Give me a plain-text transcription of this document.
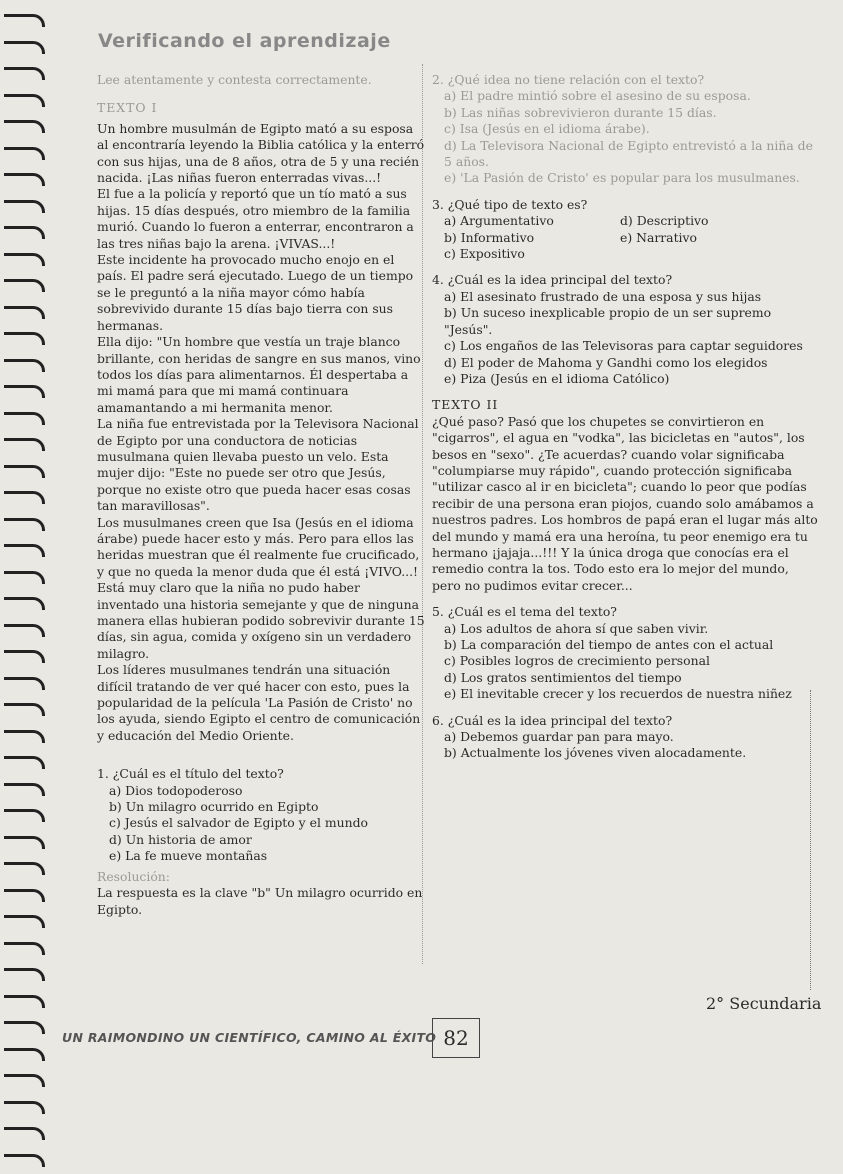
Verificando el aprendizaje

Lee atentamente y contesta correctamente.

TEXTO I

Un hombre musulmán de Egipto mató a su esposa al encontraría leyendo la Biblia católica y la enterró con sus hijas, una de 8 años, otra de 5 y una recién nacida. ¡Las niñas fueron enterradas vivas...!

El fue a la policía y reportó que un tío mató a sus hijas. 15 días después, otro miembro de la familia murió. Cuando lo fueron a enterrar, encontraron a las tres niñas bajo la arena. ¡VIVAS...!

Este incidente ha provocado mucho enojo en el país. El padre será ejecutado. Luego de un tiempo se le preguntó a la niña mayor cómo había sobrevivido durante 15 días bajo tierra con sus hermanas.

Ella dijo: "Un hombre que vestía un traje blanco brillante, con heridas de sangre en sus manos, vino todos los días para alimentarnos. Él despertaba a mi mamá para que mi mamá continuara amamantando a mi hermanita menor.

La niña fue entrevistada por la Televisora Nacional de Egipto por una conductora de noticias musulmana quien llevaba puesto un velo. Esta mujer dijo: "Este no puede ser otro que Jesús, porque no existe otro que pueda hacer esas cosas tan maravillosas".

Los musulmanes creen que Isa (Jesús en el idioma árabe) puede hacer esto y más. Pero para ellos las heridas muestran que él realmente fue crucificado, y que no queda la menor duda que él está ¡VIVO...! Está muy claro que la niña no pudo haber inventado una historia semejante y que de ninguna manera ellas hubieran podido sobrevivir durante 15 días, sin agua, comida y oxígeno sin un verdadero milagro.

Los líderes musulmanes tendrán una situación difícil tratando de ver qué hacer con esto, pues la popularidad de la película 'La Pasión de Cristo' no los ayuda, siendo Egipto el centro de comunicación y educación del Medio Oriente.

1. ¿Cuál es el título del texto?

a) Dios todopoderoso

b) Un milagro ocurrido en Egipto

c) Jesús el salvador de Egipto y el mundo

d) Un historia de amor

e) La fe mueve montañas

Resolución:

La respuesta es la clave "b" Un milagro ocurrido en Egipto.

2. ¿Qué idea no tiene relación con el texto?

a) El padre mintió sobre el asesino de su esposa.

b) Las niñas sobrevivieron durante 15 días.

c) Isa (Jesús en el idioma árabe).

d) La Televisora Nacional de Egipto entrevistó a la niña de 5 años.

e) 'La Pasión de Cristo' es popular para los musulmanes.

3. ¿Qué tipo de texto es?

a) Argumentativo	d) Descriptivo
b) Informativo	e) Narrativo
c) Expositivo

4. ¿Cuál es la idea principal del texto?

a) El asesinato frustrado de una esposa y sus hijas

b) Un suceso inexplicable propio de un ser supremo "Jesús".

c) Los engaños de las Televisoras para captar seguidores

d) El poder de Mahoma y Gandhi como los elegidos

e) Piza (Jesús en el idioma Católico)

TEXTO II

¿Qué paso? Pasó que los chupetes se convirtieron en "cigarros", el agua en "vodka", las bicicletas en "autos", los besos en "sexo". ¿Te acuerdas? cuando volar significaba "columpiarse muy rápido", cuando protección significaba "utilizar casco al ir en bicicleta"; cuando lo peor que podías recibir de una persona eran piojos, cuando solo amábamos a nuestros padres. Los hombros de papá eran el lugar más alto del mundo y mamá era una heroína, tu peor enemigo era tu hermano ¡jajaja...!!! Y la única droga que conocías era el remedio contra la tos. Todo esto era lo mejor del mundo, pero no pudimos evitar crecer...

5. ¿Cuál es el tema del texto?

a) Los adultos de ahora sí que saben vivir.

b) La comparación del tiempo de antes con el actual

c) Posibles logros de crecimiento personal

d) Los gratos sentimientos del tiempo

e) El inevitable crecer y los recuerdos de nuestra niñez

6. ¿Cuál es la idea principal del texto?

a) Debemos guardar pan para mayo.

b) Actualmente los jóvenes viven alocadamente.

2° Secundaria
UN RAIMONDINO UN CIENTÍFICO, CAMINO AL ÉXITO 82
